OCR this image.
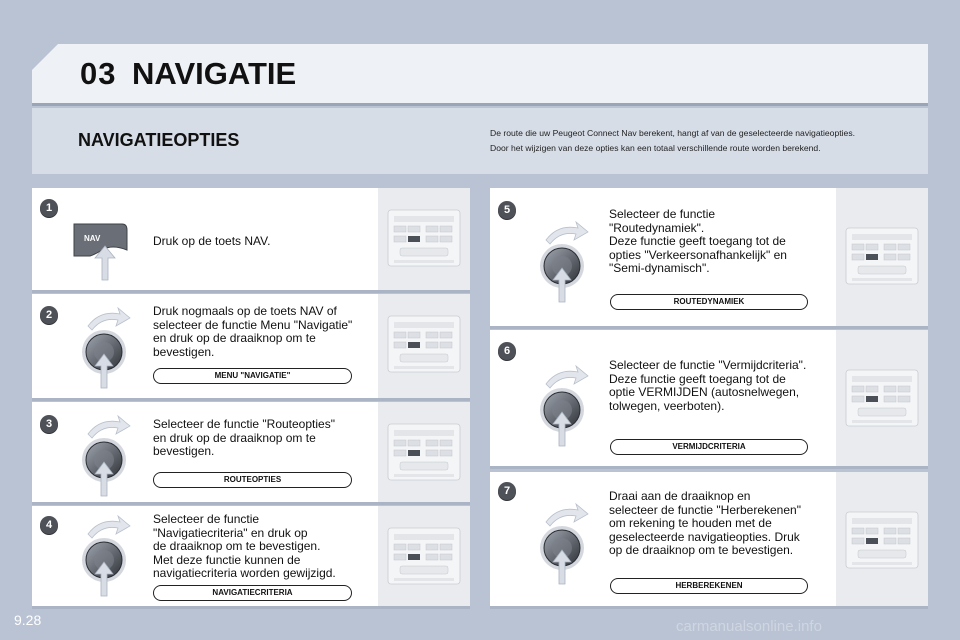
03 NAVIGATIE
NAVIGATIEOPTIES	De route die uw Peugeot Connect Nav berekent, hangt af van de geselecteerde navigatieopties.

Door het wijzigen van deze opties kan een totaal verschillende route worden berekend.

1
NAV	Druk op de toets NAV.
2	Druk nogmaals op de toets NAV of
selecteer de functie Menu "Navigatie"
en druk op de draaiknop om te
bevestigen.
MENU "NAVIGATIE"
3	Selecteer de functie "Routeopties"
en druk op de draaiknop om te
bevestigen.
ROUTEOPTIES
4	Selecteer de functie
"Navigatiecriteria" en druk op
de draaiknop om te bevestigen.
Met deze functie kunnen de
navigatiecriteria worden gewijzigd.
NAVIGATIECRITERIA
5	Selecteer de functie
"Routedynamiek".
Deze functie geeft toegang tot de
opties "Verkeersonafhankelijk" en
"Semi-dynamisch".
ROUTEDYNAMIEK
6
Selecteer de functie "Vermijdcriteria".
Deze functie geeft toegang tot de
optie VERMIJDEN (autosnelwegen,
tolwegen, veerboten).
VERMIJDCRITERIA
7	Draai aan de draaiknop en
selecteer de functie "Herberekenen"
om rekening te houden met de
geselecteerde navigatieopties. Druk
op de draaiknop om te bevestigen.
HERBEREKENEN
9.28	carmanualsonline.info
